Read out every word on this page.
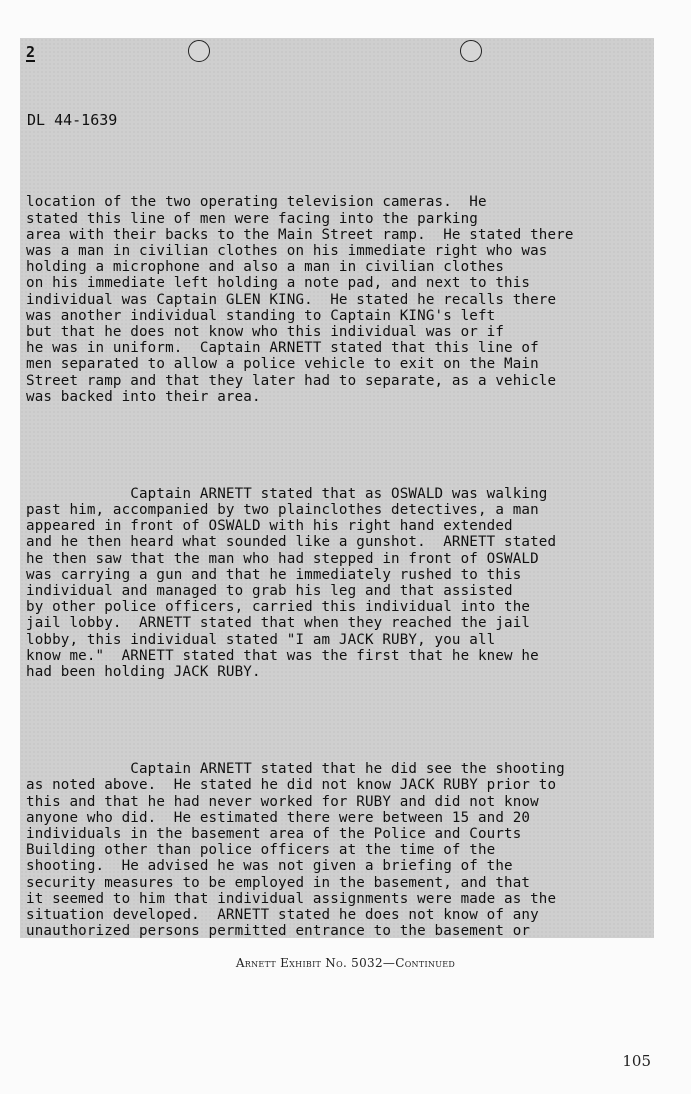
2
DL 44-1639

location of the two operating television cameras.  He
stated this line of men were facing into the parking
area with their backs to the Main Street ramp.  He stated there
was a man in civilian clothes on his immediate right who was
holding a microphone and also a man in civilian clothes
on his immediate left holding a note pad, and next to this
individual was Captain GLEN KING.  He stated he recalls there
was another individual standing to Captain KING's left
but that he does not know who this individual was or if
he was in uniform.  Captain ARNETT stated that this line of
men separated to allow a police vehicle to exit on the Main
Street ramp and that they later had to separate, as a vehicle
was backed into their area.

Captain ARNETT stated that as OSWALD was walking
past him, accompanied by two plainclothes detectives, a man
appeared in front of OSWALD with his right hand extended
and he then heard what sounded like a gunshot.  ARNETT stated
he then saw that the man who had stepped in front of OSWALD
was carrying a gun and that he immediately rushed to this
individual and managed to grab his leg and that assisted
by other police officers, carried this individual into the
jail lobby.  ARNETT stated that when they reached the jail
lobby, this individual stated "I am JACK RUBY, you all
know me."  ARNETT stated that was the first that he knew he
had been holding JACK RUBY.

Captain ARNETT stated that he did see the shooting
as noted above.  He stated he did not know JACK RUBY prior to
this and that he had never worked for RUBY and did not know
anyone who did.  He estimated there were between 15 and 20
individuals in the basement area of the Police and Courts
Building other than police officers at the time of the
shooting.  He advised he was not given a briefing of the
security measures to be employed in the basement, and that
it seemed to him that individual assignments were made as the
situation developed.  ARNETT stated he does not know of any
unauthorized persons permitted entrance to the basement or

Arnett Exhibit No. 5032—Continued
105
